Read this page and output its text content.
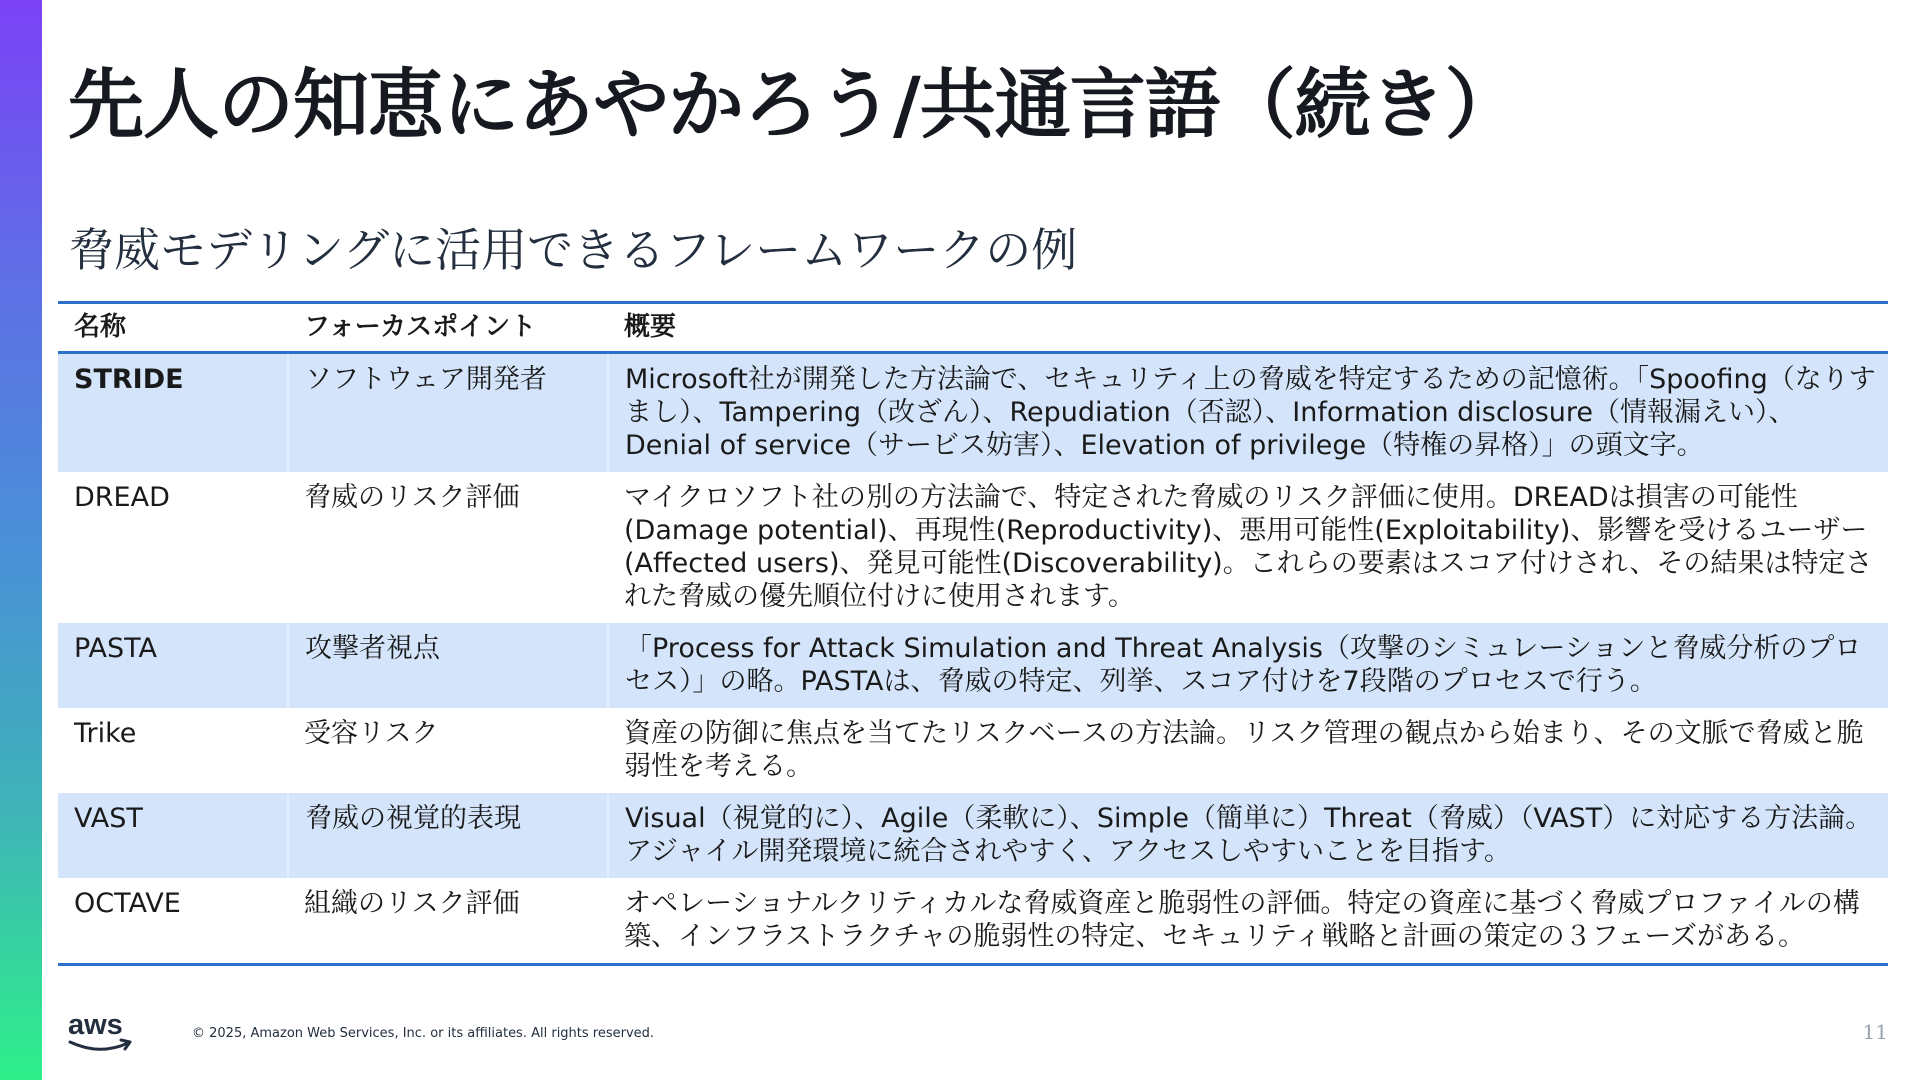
先人の知恵にあやかろう/共通言語（続き）
脅威モデリングに活用できるフレームワークの例
名称	フォーカスポイント	概要
STRIDE	ソフトウェア開発者	Microsoft社が開発した方法論で、セキュリティ上の脅威を特定するための記憶術。「Spoofing（なりすまし）、Tampering（改ざん）、Repudiation（否認）、Information disclosure（情報漏えい）、Denial of service（サービス妨害）、Elevation of privilege（特権の昇格）」の頭文字。
DREAD	脅威のリスク評価	マイクロソフト社の別の方法論で、特定された脅威のリスク評価に使用。DREADは損害の可能性(Damage potential)、再現性(Reproductivity)、悪用可能性(Exploitability)、影響を受けるユーザー(Affected users)、発見可能性(Discoverability)。これらの要素はスコア付けされ、その結果は特定された脅威の優先順位付けに使用されます。
PASTA	攻撃者視点	「Process for Attack Simulation and Threat Analysis（攻撃のシミュレーションと脅威分析のプロセス）」の略。PASTAは、脅威の特定、列挙、スコア付けを7段階のプロセスで行う。
Trike	受容リスク	資産の防御に焦点を当てたリスクベースの方法論。リスク管理の観点から始まり、その文脈で脅威と脆弱性を考える。
VAST	脅威の視覚的表現	Visual（視覚的に）、Agile（柔軟に）、Simple（簡単に）Threat（脅威）（VAST）に対応する方法論。アジャイル開発環境に統合されやすく、アクセスしやすいことを目指す。
OCTAVE	組織のリスク評価	オペレーショナルクリティカルな脅威資産と脆弱性の評価。特定の資産に基づく脅威プロファイルの構築、インフラストラクチャの脆弱性の特定、セキュリティ戦略と計画の策定の３フェーズがある。
aws	© 2025, Amazon Web Services, Inc. or its affiliates. All rights reserved.	11
